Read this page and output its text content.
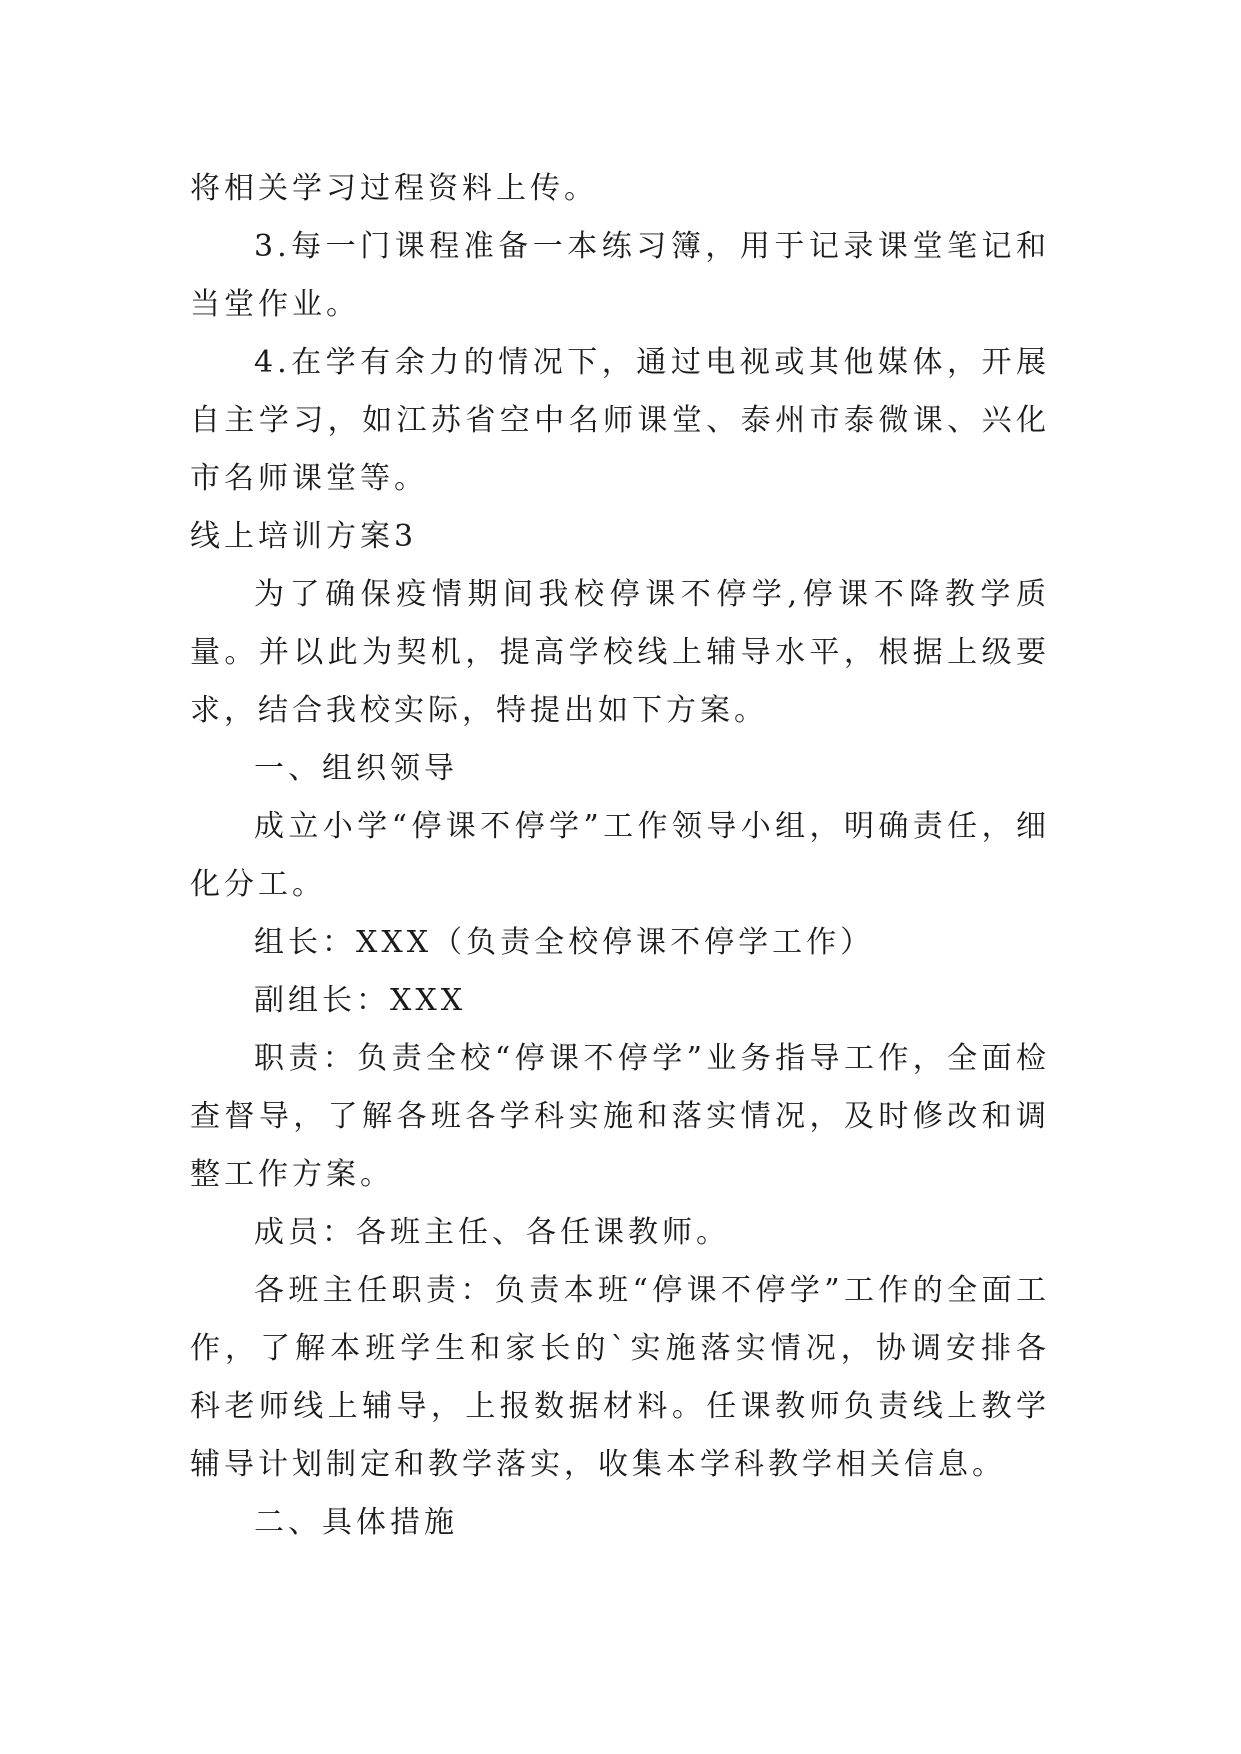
将相关学习过程资料上传。

3.每一门课程准备一本练习簿，用于记录课堂笔记和当堂作业。

4.在学有余力的情况下，通过电视或其他媒体，开展自主学习，如江苏省空中名师课堂、泰州市泰微课、兴化市名师课堂等。

线上培训方案3

为了确保疫情期间我校停课不停学,停课不降教学质量。并以此为契机，提高学校线上辅导水平，根据上级要求，结合我校实际，特提出如下方案。

一、组织领导

成立小学“停课不停学”工作领导小组，明确责任，细化分工。

组长：XXX（负责全校停课不停学工作）

副组长：XXX

职责：负责全校“停课不停学”业务指导工作，全面检查督导，了解各班各学科实施和落实情况，及时修改和调整工作方案。

成员：各班主任、各任课教师。

各班主任职责：负责本班“停课不停学”工作的全面工作，了解本班学生和家长的`实施落实情况，协调安排各科老师线上辅导，上报数据材料。任课教师负责线上教学辅导计划制定和教学落实，收集本学科教学相关信息。

二、具体措施
